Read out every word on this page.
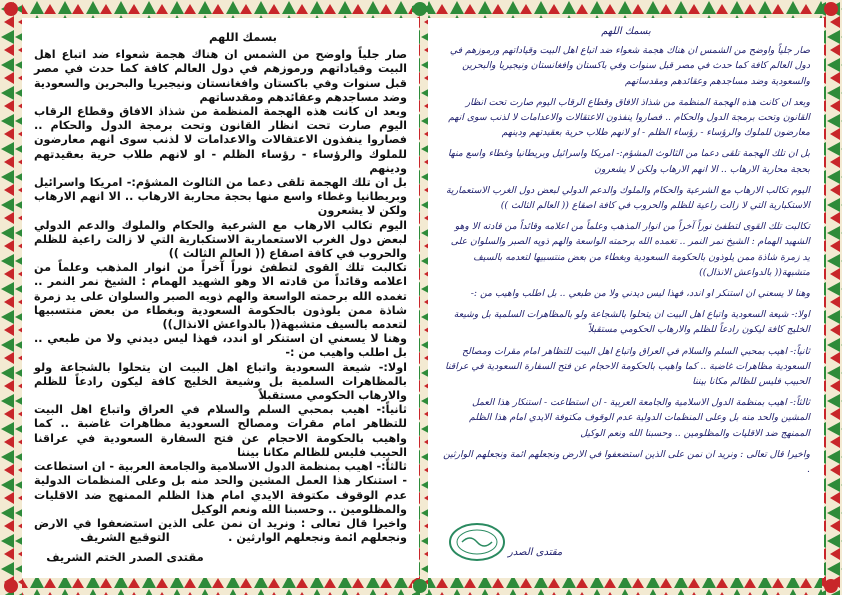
بسمك اللهم

صار جلياً واوضح من الشمس ان هناك هجمة شعواء ضد اتباع اهل البيت وقياداتهم ورموزهم في دول العالم كافة كما حدث في مصر قبل سنوات وفي باكستان وافغانستان ونيجيريا والبحرين والسعودية وضد مساجدهم وعقائدهم ومقدساتهم

وبعد ان كانت هذه الهجمة المنظمة من شذاذ الافاق وقطاع الرقاب اليوم صارت تحت انظار القانون وتحت برمجة الدول والحكام .. فصاروا ينفذون الاعتقالات والاعدامات لا لذنب سوى انهم معارضون للملوك والرؤساء - رؤساء الظلم - او لانهم طلاب حرية بعقيدتهم ودينهم

بل ان تلك الهجمة تلقى دعما من الثالوث المشؤم:- امريكا واسرائيل وبريطانيا وغطاء واسع منها بحجة محاربة الارهاب .. الا انهم الارهاب ولكن لا يشعرون

اليوم تكالب الارهاب مع الشرعية والحكام والملوك والدعم الدولي لبعض دول الغرب الاستعمارية الاستكبارية التي لا زالت راعية للظلم والحروب في كافة اصقاع (( العالم الثالث ))

تكالبت تلك القوى لتطفئ نوراً آخراً من انوار المذهب وعلماً من اعلامه وقائداً من قادته الا وهو الشهيد الهمام : الشيخ نمر النمر .. تغمده الله برحمته الواسعة والهم ذويه الصبر والسلوان على يد زمرة شاذة ممن يلوذون بالحكومة السعودية وبغطاء من بعض منتسبيها لتعدمه بالسيف متشبهة(( بالدواعش الانذال))

وهنا لا يسعني ان استنكر او اندد، فهذا ليس ديدني ولا من طبعي .. بل اطلب واهيب من :-

اولا:- شيعة السعودية واتباع اهل البيت ان يتحلوا بالشجاعة ولو بالمظاهرات السلمية بل وشيعة الخليج كافة ليكون رادعاً للظلم والارهاب الحكومي مستقبلاً

ثانياً:- اهيب بمحبي السلم والسلام في العراق واتباع اهل البيت للتظاهر امام مقرات ومصالح السعودية مظاهرات غاضبة .. كما واهيب بالحكومة الاحجام عن فتح السفارة السعودية في عراقنا الحبيب فليس للظالم مكانا بيننا

ثالثاً:- اهيب بمنظمة الدول الاسلامية والجامعة العربية - ان استطاعت - استنكار هذا العمل المشين والحد منه بل وعلى المنظمات الدولية عدم الوقوف مكتوفة الايدي امام هذا الظلم الممنهج ضد الاقليات والمظلومين .. وحسبنا الله ونعم الوكيل

واخيرا قال تعالى : ونريد ان نمن على الذين استضعفوا في الارض ونجعلهم ائمة ونجعلهم الوارثين .

التوقيع الشريف
مقتدى الصدر الختم الشريف
بسمك اللهم

صار جلياً واوضح من الشمس ان هناك هجمة شعواء ضد اتباع اهل البيت وقياداتهم ورموزهم في دول العالم كافة كما حدث في مصر قبل سنوات وفي باكستان وافغانستان ونيجيريا والبحرين والسعودية وضد مساجدهم وعقائدهم ومقدساتهم

وبعد ان كانت هذه الهجمة المنظمة من شذاذ الافاق وقطاع الرقاب اليوم صارت تحت انظار القانون وتحت برمجة الدول والحكام .. فصاروا ينفذون الاعتقالات والاعدامات لا لذنب سوى انهم معارضون للملوك والرؤساء - رؤساء الظلم - او لانهم طلاب حرية بعقيدتهم ودينهم

بل ان تلك الهجمة تلقى دعما من الثالوث المشؤم:- امريكا واسرائيل وبريطانيا وغطاء واسع منها بحجة محاربة الارهاب .. الا انهم الارهاب ولكن لا يشعرون

اليوم تكالب الارهاب مع الشرعية والحكام والملوك والدعم الدولي لبعض دول الغرب الاستعمارية الاستكبارية التي لا زالت راعية للظلم والحروب في كافة اصقاع (( العالم الثالث ))

تكالبت تلك القوى لتطفئ نوراً آخراً من انوار المذهب وعلماً من اعلامه وقائداً من قادته الا وهو الشهيد الهمام : الشيخ نمر النمر .. تغمده الله برحمته الواسعة والهم ذويه الصبر والسلوان على يد زمرة شاذة ممن يلوذون بالحكومة السعودية وبغطاء من بعض منتسبيها لتعدمه بالسيف متشبهة(( بالدواعش الانذال))

وهنا لا يسعني ان استنكر او اندد، فهذا ليس ديدني ولا من طبعي .. بل اطلب واهيب من :-

اولا:- شيعة السعودية واتباع اهل البيت ان يتحلوا بالشجاعة ولو بالمظاهرات السلمية بل وشيعة الخليج كافة ليكون رادعاً للظلم والارهاب الحكومي مستقبلاً

ثانياً:- اهيب بمحبي السلم والسلام في العراق واتباع اهل البيت للتظاهر امام مقرات ومصالح السعودية مظاهرات غاضبة .. كما واهيب بالحكومة الاحجام عن فتح السفارة السعودية في عراقنا الحبيب فليس للظالم مكانا بيننا

ثالثاً:- اهيب بمنظمة الدول الاسلامية والجامعة العربية - ان استطاعت - استنكار هذا العمل المشين والحد منه بل وعلى المنظمات الدولية عدم الوقوف مكتوفة الايدي امام هذا الظلم الممنهج ضد الاقليات والمظلومين .. وحسبنا الله ونعم الوكيل

واخيرا قال تعالى : ونريد ان نمن على الذين استضعفوا في الارض ونجعلهم ائمة ونجعلهم الوارثين .

مقتدى الصدر
